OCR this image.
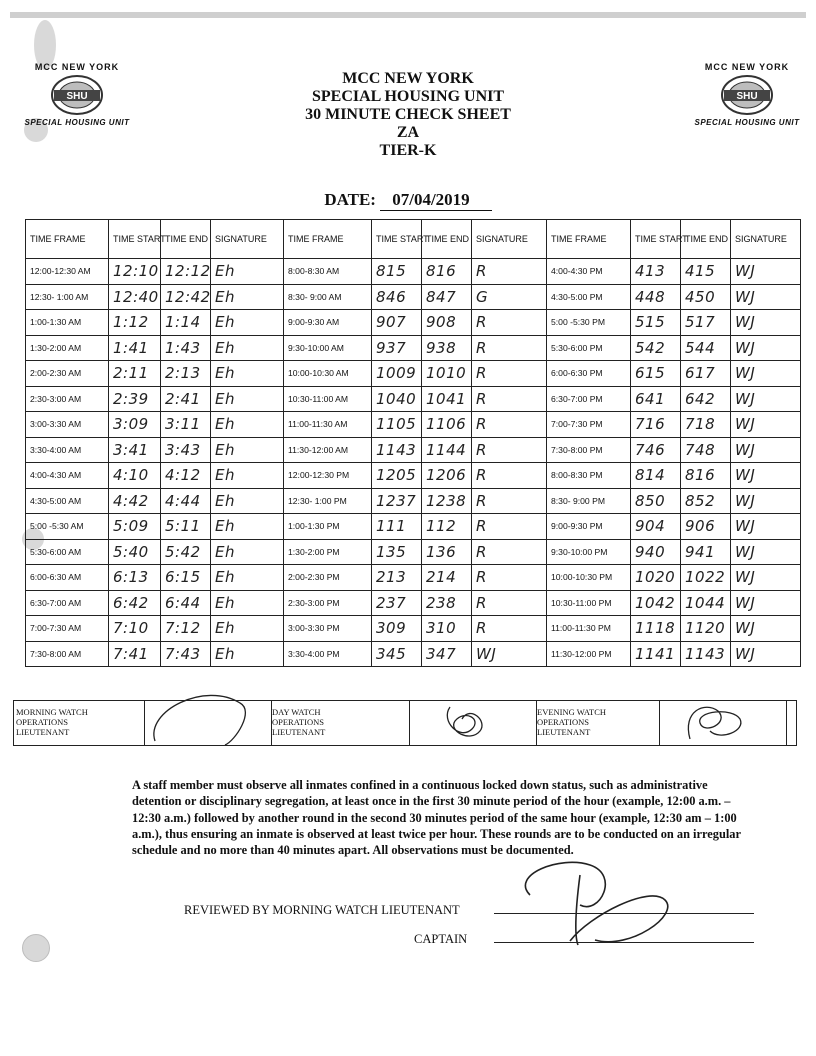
MCC NEW YORK
SHU
SPECIAL HOUSING UNIT
MCC NEW YORK
SHU
SPECIAL HOUSING UNIT
MCC NEW YORK
SPECIAL HOUSING UNIT
30 MINUTE CHECK SHEET
ZA
TIER-K
DATE: 07/04/2019
TIME FRAME	TIME START	TIME END	SIGNATURE	TIME FRAME	TIME START	TIME END	SIGNATURE	TIME FRAME	TIME START	TIME END	SIGNATURE
12:00-12:30 AM	12:10	12:12	Eh	8:00-8:30 AM	815	816	R	4:00-4:30 PM	413	415	WJ
12:30- 1:00 AM	12:40	12:42	Eh	8:30- 9:00 AM	846	847	G	4:30-5:00 PM	448	450	WJ
1:00-1:30 AM	1:12	1:14	Eh	9:00-9:30 AM	907	908	R	5:00 -5:30 PM	515	517	WJ
1:30-2:00 AM	1:41	1:43	Eh	9:30-10:00 AM	937	938	R	5:30-6:00 PM	542	544	WJ
2:00-2:30 AM	2:11	2:13	Eh	10:00-10:30 AM	1009	1010	R	6:00-6:30 PM	615	617	WJ
2:30-3:00 AM	2:39	2:41	Eh	10:30-11:00 AM	1040	1041	R	6:30-7:00 PM	641	642	WJ
3:00-3:30 AM	3:09	3:11	Eh	11:00-11:30 AM	1105	1106	R	7:00-7:30 PM	716	718	WJ
3:30-4:00 AM	3:41	3:43	Eh	11:30-12:00 AM	1143	1144	R	7:30-8:00 PM	746	748	WJ
4:00-4:30 AM	4:10	4:12	Eh	12:00-12:30 PM	1205	1206	R	8:00-8:30 PM	814	816	WJ
4:30-5:00 AM	4:42	4:44	Eh	12:30- 1:00 PM	1237	1238	R	8:30- 9:00 PM	850	852	WJ
5:00 -5:30 AM	5:09	5:11	Eh	1:00-1:30 PM	111	112	R	9:00-9:30 PM	904	906	WJ
5:30-6:00 AM	5:40	5:42	Eh	1:30-2:00 PM	135	136	R	9:30-10:00 PM	940	941	WJ
6:00-6:30 AM	6:13	6:15	Eh	2:00-2:30 PM	213	214	R	10:00-10:30 PM	1020	1022	WJ
6:30-7:00 AM	6:42	6:44	Eh	2:30-3:00 PM	237	238	R	10:30-11:00 PM	1042	1044	WJ
7:00-7:30 AM	7:10	7:12	Eh	3:00-3:30 PM	309	310	R	11:00-11:30 PM	1118	1120	WJ
7:30-8:00 AM	7:41	7:43	Eh	3:30-4:00 PM	345	347	WJ	11:30-12:00 PM	1141	1143	WJ
MORNING WATCH OPERATIONS LIEUTENANT
DAY WATCH OPERATIONS LIEUTENANT
EVENING WATCH OPERATIONS LIEUTENANT
A staff member must observe all inmates confined in a continuous locked down status, such as administrative detention or disciplinary segregation, at least once in the first 30 minute period of the hour (example, 12:00 a.m. – 12:30 a.m.) followed by another round in the second 30 minutes period of the same hour (example, 12:30 am – 1:00 a.m.), thus ensuring an inmate is observed at least twice per hour. These rounds are to be conducted on an irregular schedule and no more than 40 minutes apart. All observations must be documented.
REVIEWED BY MORNING WATCH LIEUTENANT
CAPTAIN
